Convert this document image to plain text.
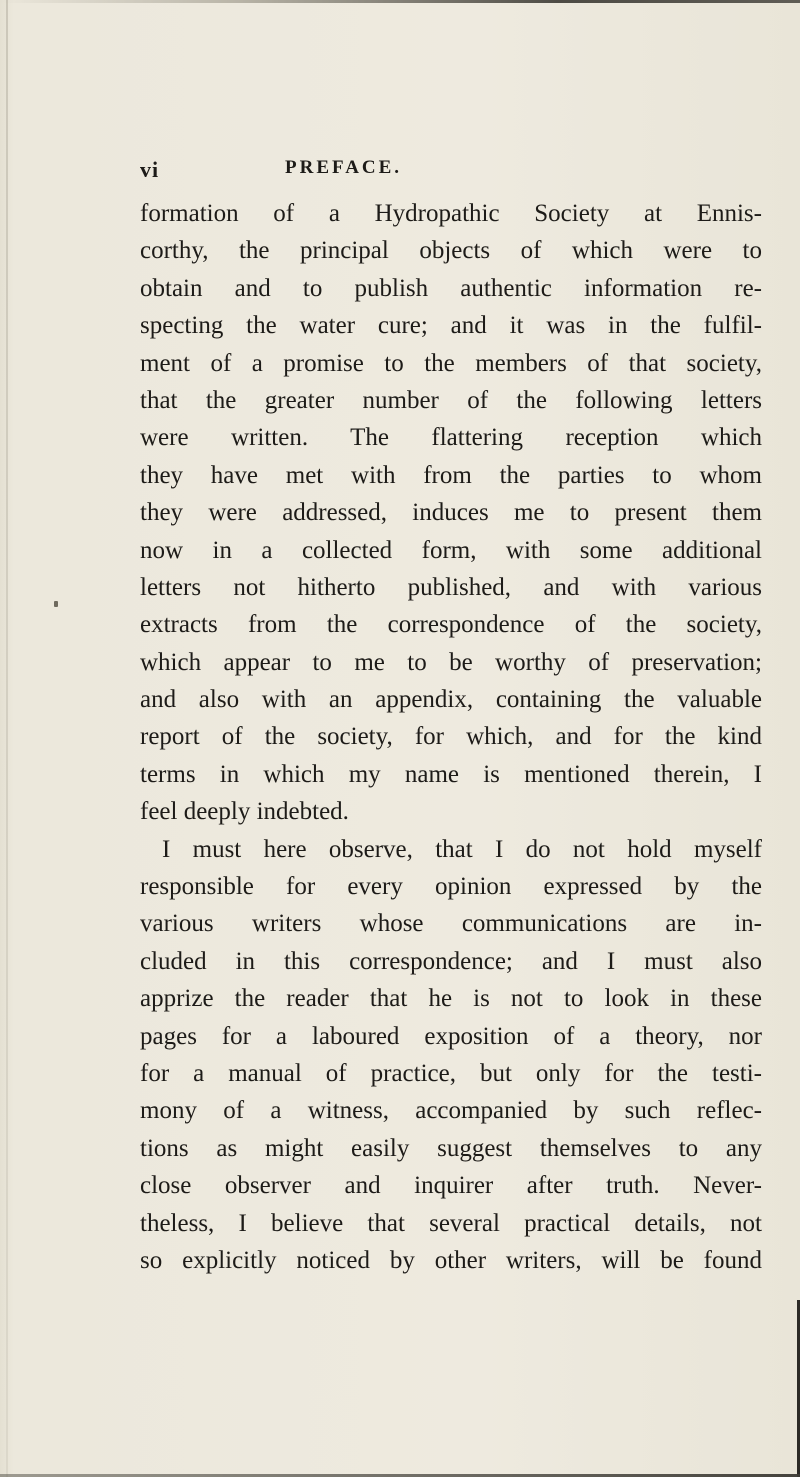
vi	PREFACE.
formation of a Hydropathic Society at Ennis-
corthy, the principal objects of which were to
obtain and to publish authentic information re-
specting the water cure; and it was in the fulfil-
ment of a promise to the members of that society,
that the greater number of the following letters
were written. The flattering reception which
they have met with from the parties to whom
they were addressed, induces me to present them
now in a collected form, with some additional
letters not hitherto published, and with various
extracts from the correspondence of the society,
which appear to me to be worthy of preservation;
and also with an appendix, containing the valuable
report of the society, for which, and for the kind
terms in which my name is mentioned therein, I
feel deeply indebted.
I must here observe, that I do not hold myself
responsible for every opinion expressed by the
various writers whose communications are in-
cluded in this correspondence; and I must also
apprize the reader that he is not to look in these
pages for a laboured exposition of a theory, nor
for a manual of practice, but only for the testi-
mony of a witness, accompanied by such reflec-
tions as might easily suggest themselves to any
close observer and inquirer after truth. Never-
theless, I believe that several practical details, not
so explicitly noticed by other writers, will be found
